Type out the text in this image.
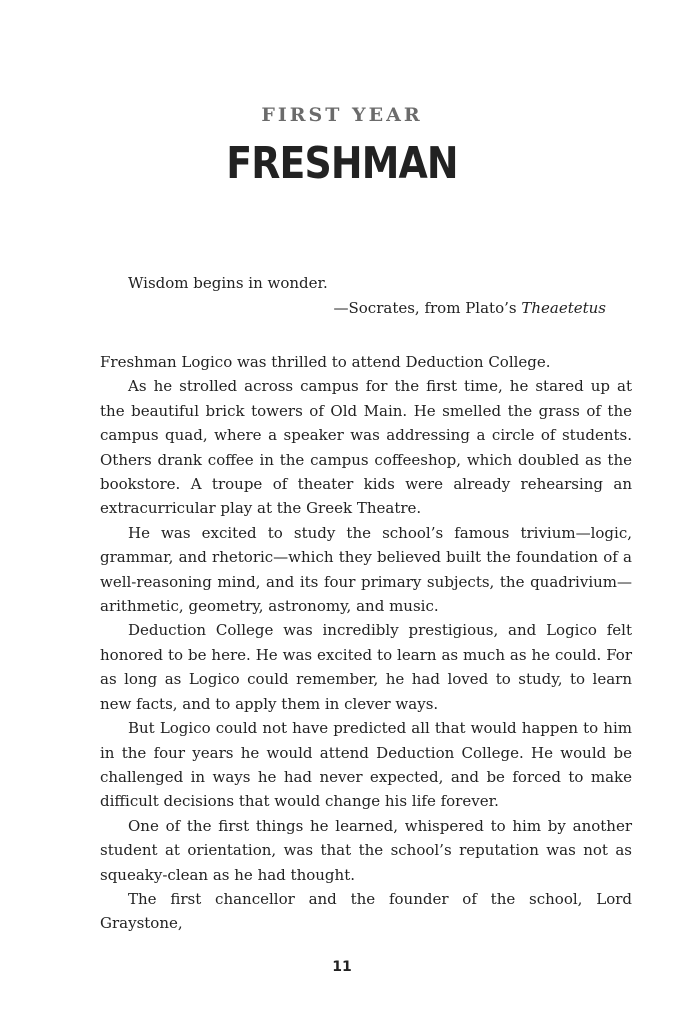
FIRST YEAR
FRESHMAN
Wisdom begins in wonder.
—Socrates, from Plato’s Theaetetus

Freshman Logico was thrilled to attend Deduction College.

As he strolled across campus for the first time, he stared up at the beautiful brick towers of Old Main. He smelled the grass of the campus quad, where a speaker was addressing a circle of students. Others drank coffee in the campus coffeeshop, which doubled as the bookstore. A troupe of theater kids were already rehearsing an extracurricular play at the Greek Theatre.

He was excited to study the school’s famous trivium—logic, grammar, and rhetoric—which they believed built the foundation of a well-reasoning mind, and its four primary subjects, the quadrivium—arithmetic, geometry, astronomy, and music.

Deduction College was incredibly prestigious, and Logico felt honored to be here. He was excited to learn as much as he could. For as long as Logico could remember, he had loved to study, to learn new facts, and to apply them in clever ways.

But Logico could not have predicted all that would happen to him in the four years he would attend Deduction College. He would be challenged in ways he had never expected, and be forced to make difficult decisions that would change his life forever.

One of the first things he learned, whispered to him by another student at orientation, was that the school’s reputation was not as squeaky-clean as he had thought.

The first chancellor and the founder of the school, Lord Graystone,

11
